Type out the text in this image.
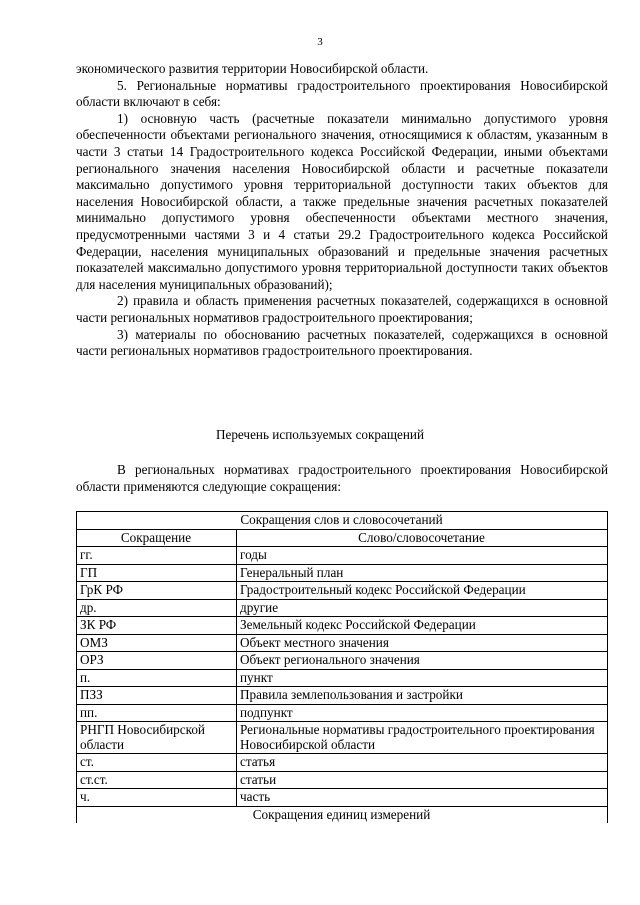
3

экономического развития территории Новосибирской области.

5. Региональные нормативы градостроительного проектирования Новосибирской области включают в себя:

1) основную часть (расчетные показатели минимально допустимого уровня обеспеченности объектами регионального значения, относящимися к областям, указанным в части 3 статьи 14 Градостроительного кодекса Российской Федерации, иными объектами регионального значения населения Новосибирской области и расчетные показатели максимально допустимого уровня территориальной доступности таких объектов для населения Новосибирской области, а также предельные значения расчетных показателей минимально допустимого уровня обеспеченности объектами местного значения, предусмотренными частями 3 и 4 статьи 29.2 Градостроительного кодекса Российской Федерации, населения муниципальных образований и предельные значения расчетных показателей максимально допустимого уровня территориальной доступности таких объектов для населения муниципальных образований);

2) правила и область применения расчетных показателей, содержащихся в основной части региональных нормативов градостроительного проектирования;

3) материалы по обоснованию расчетных показателей, содержащихся в основной части региональных нормативов градостроительного проектирования.

Перечень используемых сокращений

В региональных нормативах градостроительного проектирования Новосибирской области применяются следующие сокращения:

Сокращения слов и словосочетаний	
Сокращение	Слово/словосочетание
гг.	годы
ГП	Генеральный план
ГрК РФ	Градостроительный кодекс Российской Федерации
др.	другие
ЗК РФ	Земельный кодекс Российской Федерации
ОМЗ	Объект местного значения
ОРЗ	Объект регионального значения
п.	пункт
ПЗЗ	Правила землепользования и застройки
пп.	подпункт
РНГП Новосибирской области	Региональные нормативы градостроительного проектирования Новосибирской области
ст.	статья
ст.ст.	статьи
ч.	часть
Сокращения единиц измерений	
